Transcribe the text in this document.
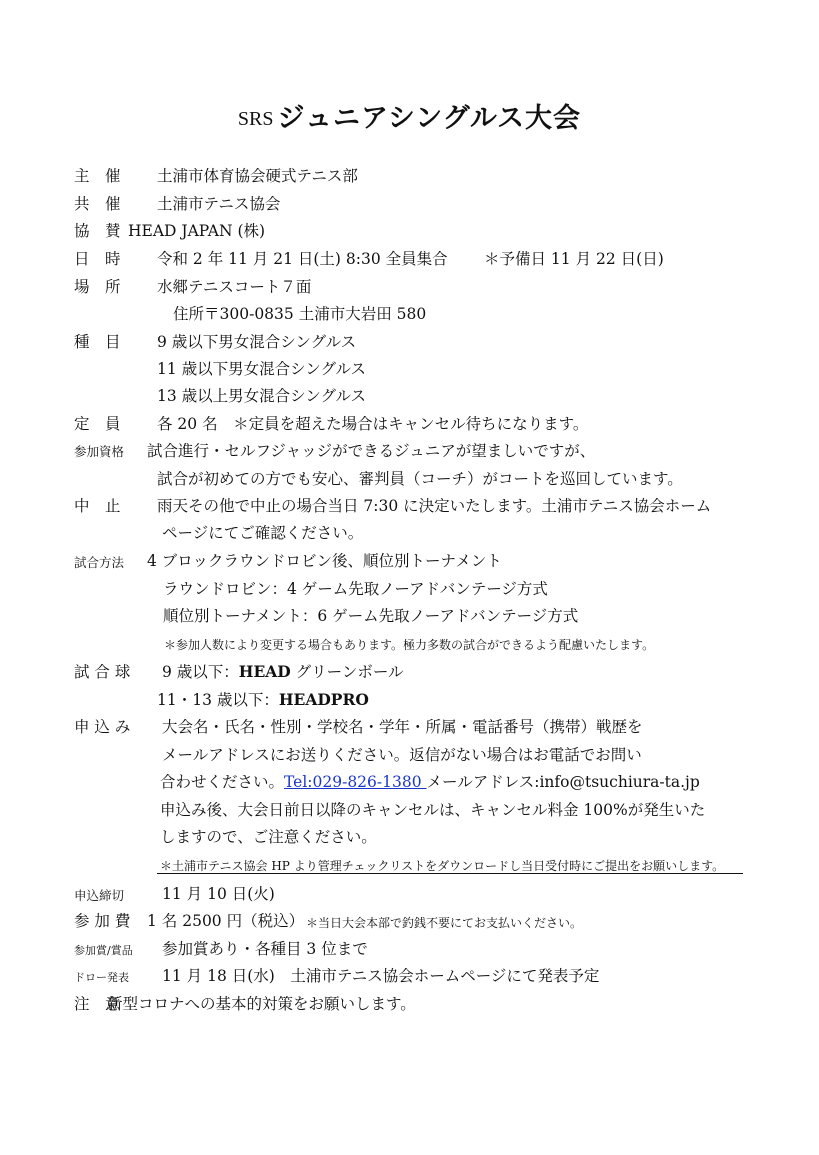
SRS ジュニアシングルス大会
主　催 土浦市体育協会硬式テニス部
共　催 土浦市テニス協会
協　賛 HEAD JAPAN (株)
日　時 令和 2 年 11 月 21 日(土) 8:30 全員集合 ＊予備日 11 月 22 日(日)
場　所 水郷テニスコート７面
住所〒300-0835 土浦市大岩田 580
種　目 9 歳以下男女混合シングルス
11 歳以下男女混合シングルス
13 歳以上男女混合シングルス
定　員 各 20 名　＊定員を超えた場合はキャンセル待ちになります。
参加資格 試合進行・セルフジャッジができるジュニアが望ましいですが、
試合が初めての方でも安心、審判員（コーチ）がコートを巡回しています。
中　止 雨天その他で中止の場合当日 7:30 に決定いたします。土浦市テニス協会ホーム
ページにてご確認ください。
試合方法 4 ブロックラウンドロビン後、順位別トーナメント
ラウンドロビン：4 ゲーム先取ノーアドバンテージ方式
順位別トーナメント：6 ゲーム先取ノーアドバンテージ方式
＊参加人数により変更する場合もあります。極力多数の試合ができるよう配慮いたします。
試 合 球 9 歳以下：HEAD グリーンボール
11・13 歳以下：HEADPRO
申 込 み 大会名・氏名・性別・学校名・学年・所属・電話番号（携帯）戦歴を
メールアドレスにお送りください。返信がない場合はお電話でお問い
合わせください。Tel:029-826-1380 メールアドレス:info@tsuchiura-ta.jp
申込み後、大会日前日以降のキャンセルは、キャンセル料金 100%が発生いた
しますので、ご注意ください。
＊土浦市テニス協会 HP より管理チェックリストをダウンロードし当日受付時にご提出をお願いします。
申込締切 11 月 10 日(火)
参 加 費 1 名 2500 円（税込） ＊当日大会本部で釣銭不要にてお支払いください。
参加賞/賞品 参加賞あり・各種目 3 位まで
ドロー発表 11 月 18 日(水)　土浦市テニス協会ホームページにて発表予定
注　意
新型コロナへの基本的対策をお願いします。
